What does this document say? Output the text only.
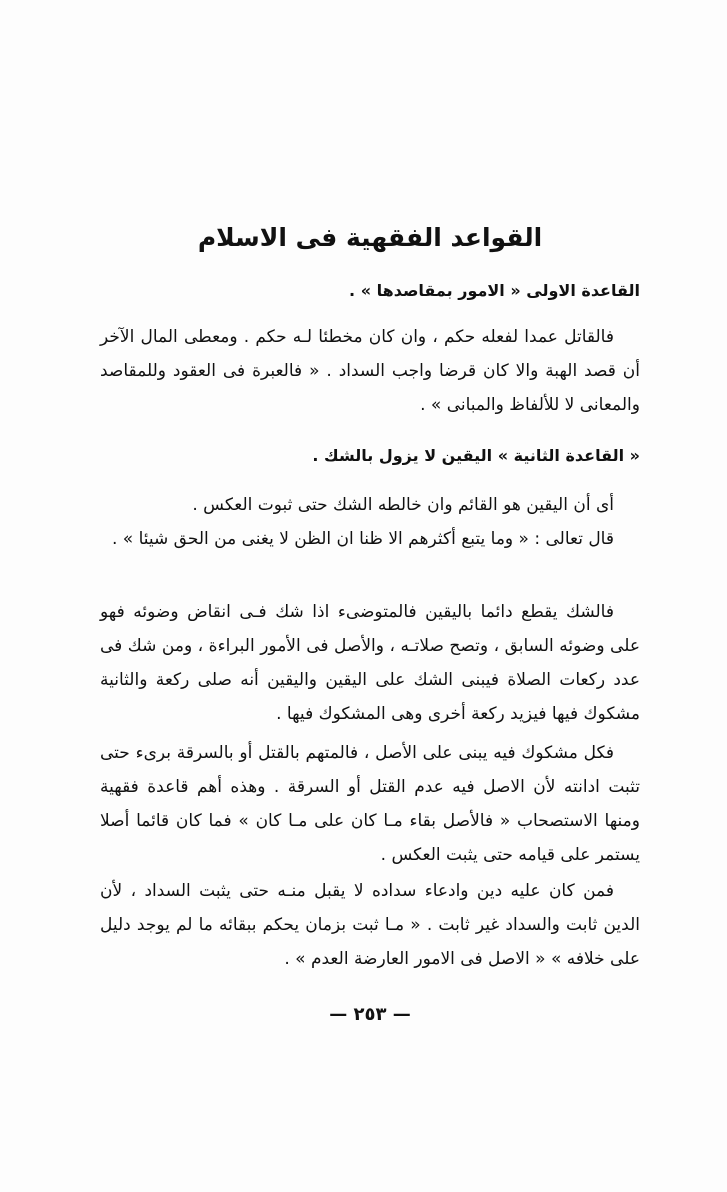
القواعد الفقهية فى الاسلام
القاعدة الاولى « الامور بمقاصدها » .
فالقاتل عمدا لفعله حكم ، وان كان مخطئا لـه حكم . ومعطى المال الآخر أن قصد الهبة والا كان قرضا واجب السداد . « فالعبرة فى العقود وللمقاصد والمعانى لا للألفاظ والمبانى » .
« القاعدة الثانية » اليقين لا يزول بالشك .
أى أن اليقين هو القائم وان خالطه الشك حتى ثبوت العكس .
قال تعالى : « وما يتبع أكثرهم الا ظنا ان الظن لا يغنى من الحق شيئا » .
فالشك يقطع دائما باليقين فالمتوضىء اذا شك فـى انقاض وضوئه فهو على وضوئه السابق ، وتصح صلاتـه ، والأصل فى الأمور البراءة ، ومن شك فى عدد ركعات الصلاة فيبنى الشك على اليقين واليقين أنه صلى ركعة والثانية مشكوك فيها فيزيد ركعة أخرى وهى المشكوك فيها .
فكل مشكوك فيه يبنى على الأصل ، فالمتهم بالقتل أو بالسرقة برىء حتى تثبت ادانته لأن الاصل فيه عدم القتل أو السرقة . وهذه أهم قاعدة فقهية ومنها الاستصحاب « فالأصل بقاء مـا كان على مـا كان » فما كان قائما أصلا يستمر على قيامه حتى يثبت العكس .
فمن كان عليه دين وادعاء سداده لا يقبل منـه حتى يثبت السداد ، لأن الدين ثابت والسداد غير ثابت . « مـا ثبت بزمان يحكم ببقائه ما لم يوجد دليل على خلافه » « الاصل فى الامور العارضة العدم » .
— ٢٥٣ —
